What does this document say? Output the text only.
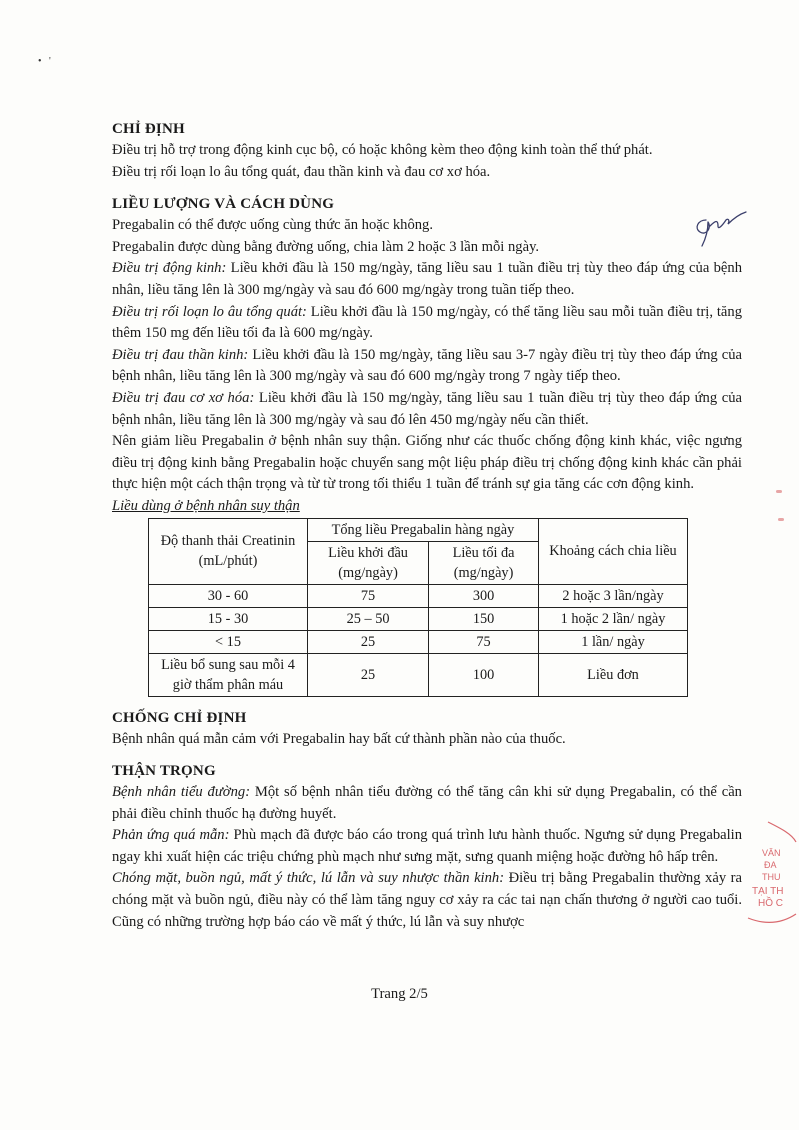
•   '
VĂN
ĐA
THU
TẠI TH
HỒ C
CHỈ ĐỊNH

Điều trị hỗ trợ trong động kinh cục bộ, có hoặc không kèm theo động kinh toàn thể thứ phát.

Điều trị rối loạn lo âu tổng quát, đau thần kinh và đau cơ xơ hóa.

LIỀU LƯỢNG VÀ CÁCH DÙNG

Pregabalin có thể được uống cùng thức ăn hoặc không.

Pregabalin được dùng bằng đường uống, chia làm 2 hoặc 3 lần mỗi ngày.

Điều trị động kinh: Liều khởi đầu là 150 mg/ngày, tăng liều sau 1 tuần điều trị tùy theo đáp ứng của bệnh nhân, liều tăng lên là 300 mg/ngày và sau đó 600 mg/ngày trong tuần tiếp theo.

Điều trị rối loạn lo âu tổng quát: Liều khởi đầu là 150 mg/ngày, có thể tăng liều sau mỗi tuần điều trị, tăng thêm 150 mg đến liều tối đa là 600 mg/ngày.

Điều trị đau thần kinh: Liều khởi đầu là 150 mg/ngày, tăng liều sau 3-7 ngày điều trị tùy theo đáp ứng của bệnh nhân, liều tăng lên là 300 mg/ngày và sau đó 600 mg/ngày trong 7 ngày tiếp theo.

Điều trị đau cơ xơ hóa: Liều khởi đầu là 150 mg/ngày, tăng liều sau 1 tuần điều trị tùy theo đáp ứng của bệnh nhân, liều tăng lên là 300 mg/ngày và sau đó lên 450 mg/ngày nếu cần thiết.

Nên giảm liều Pregabalin ở bệnh nhân suy thận. Giống như các thuốc chống động kinh khác, việc ngưng điều trị động kinh bằng Pregabalin hoặc chuyển sang một liệu pháp điều trị chống động kinh khác cần phải thực hiện một cách thận trọng và từ từ trong tối thiểu 1 tuần để tránh sự gia tăng các cơn động kinh.

Liều dùng ở bệnh nhân suy thận

Độ thanh thải Creatinin (mL/phút)	Tổng liều Pregabalin hàng ngày		Khoảng cách chia liều
	Liều khởi đầu (mg/ngày)	Liều tối đa (mg/ngày)	
30 - 60	75	300	2 hoặc 3 lần/ngày
15 - 30	25 – 50	150	1 hoặc 2 lần/ ngày
< 15	25	75	1 lần/ ngày
Liều bổ sung sau mỗi 4 giờ thẩm phân máu	25	100	Liều đơn
CHỐNG CHỈ ĐỊNH

Bệnh nhân quá mẫn cảm với Pregabalin hay bất cứ thành phần nào của thuốc.

THẬN TRỌNG

Bệnh nhân tiểu đường: Một số bệnh nhân tiểu đường có thể tăng cân khi sử dụng Pregabalin, có thể cần phải điều chỉnh thuốc hạ đường huyết.

Phản ứng quá mẫn: Phù mạch đã được báo cáo trong quá trình lưu hành thuốc. Ngưng sử dụng Pregabalin ngay khi xuất hiện các triệu chứng phù mạch như sưng mặt, sưng quanh miệng hoặc đường hô hấp trên.

Chóng mặt, buồn ngủ, mất ý thức, lú lẫn và suy nhược thần kinh: Điều trị bằng Pregabalin thường xảy ra chóng mặt và buồn ngủ, điều này có thể làm tăng nguy cơ xảy ra các tai nạn chấn thương ở người cao tuổi. Cũng có những trường hợp báo cáo về mất ý thức, lú lẫn và suy nhược

Trang 2/5
